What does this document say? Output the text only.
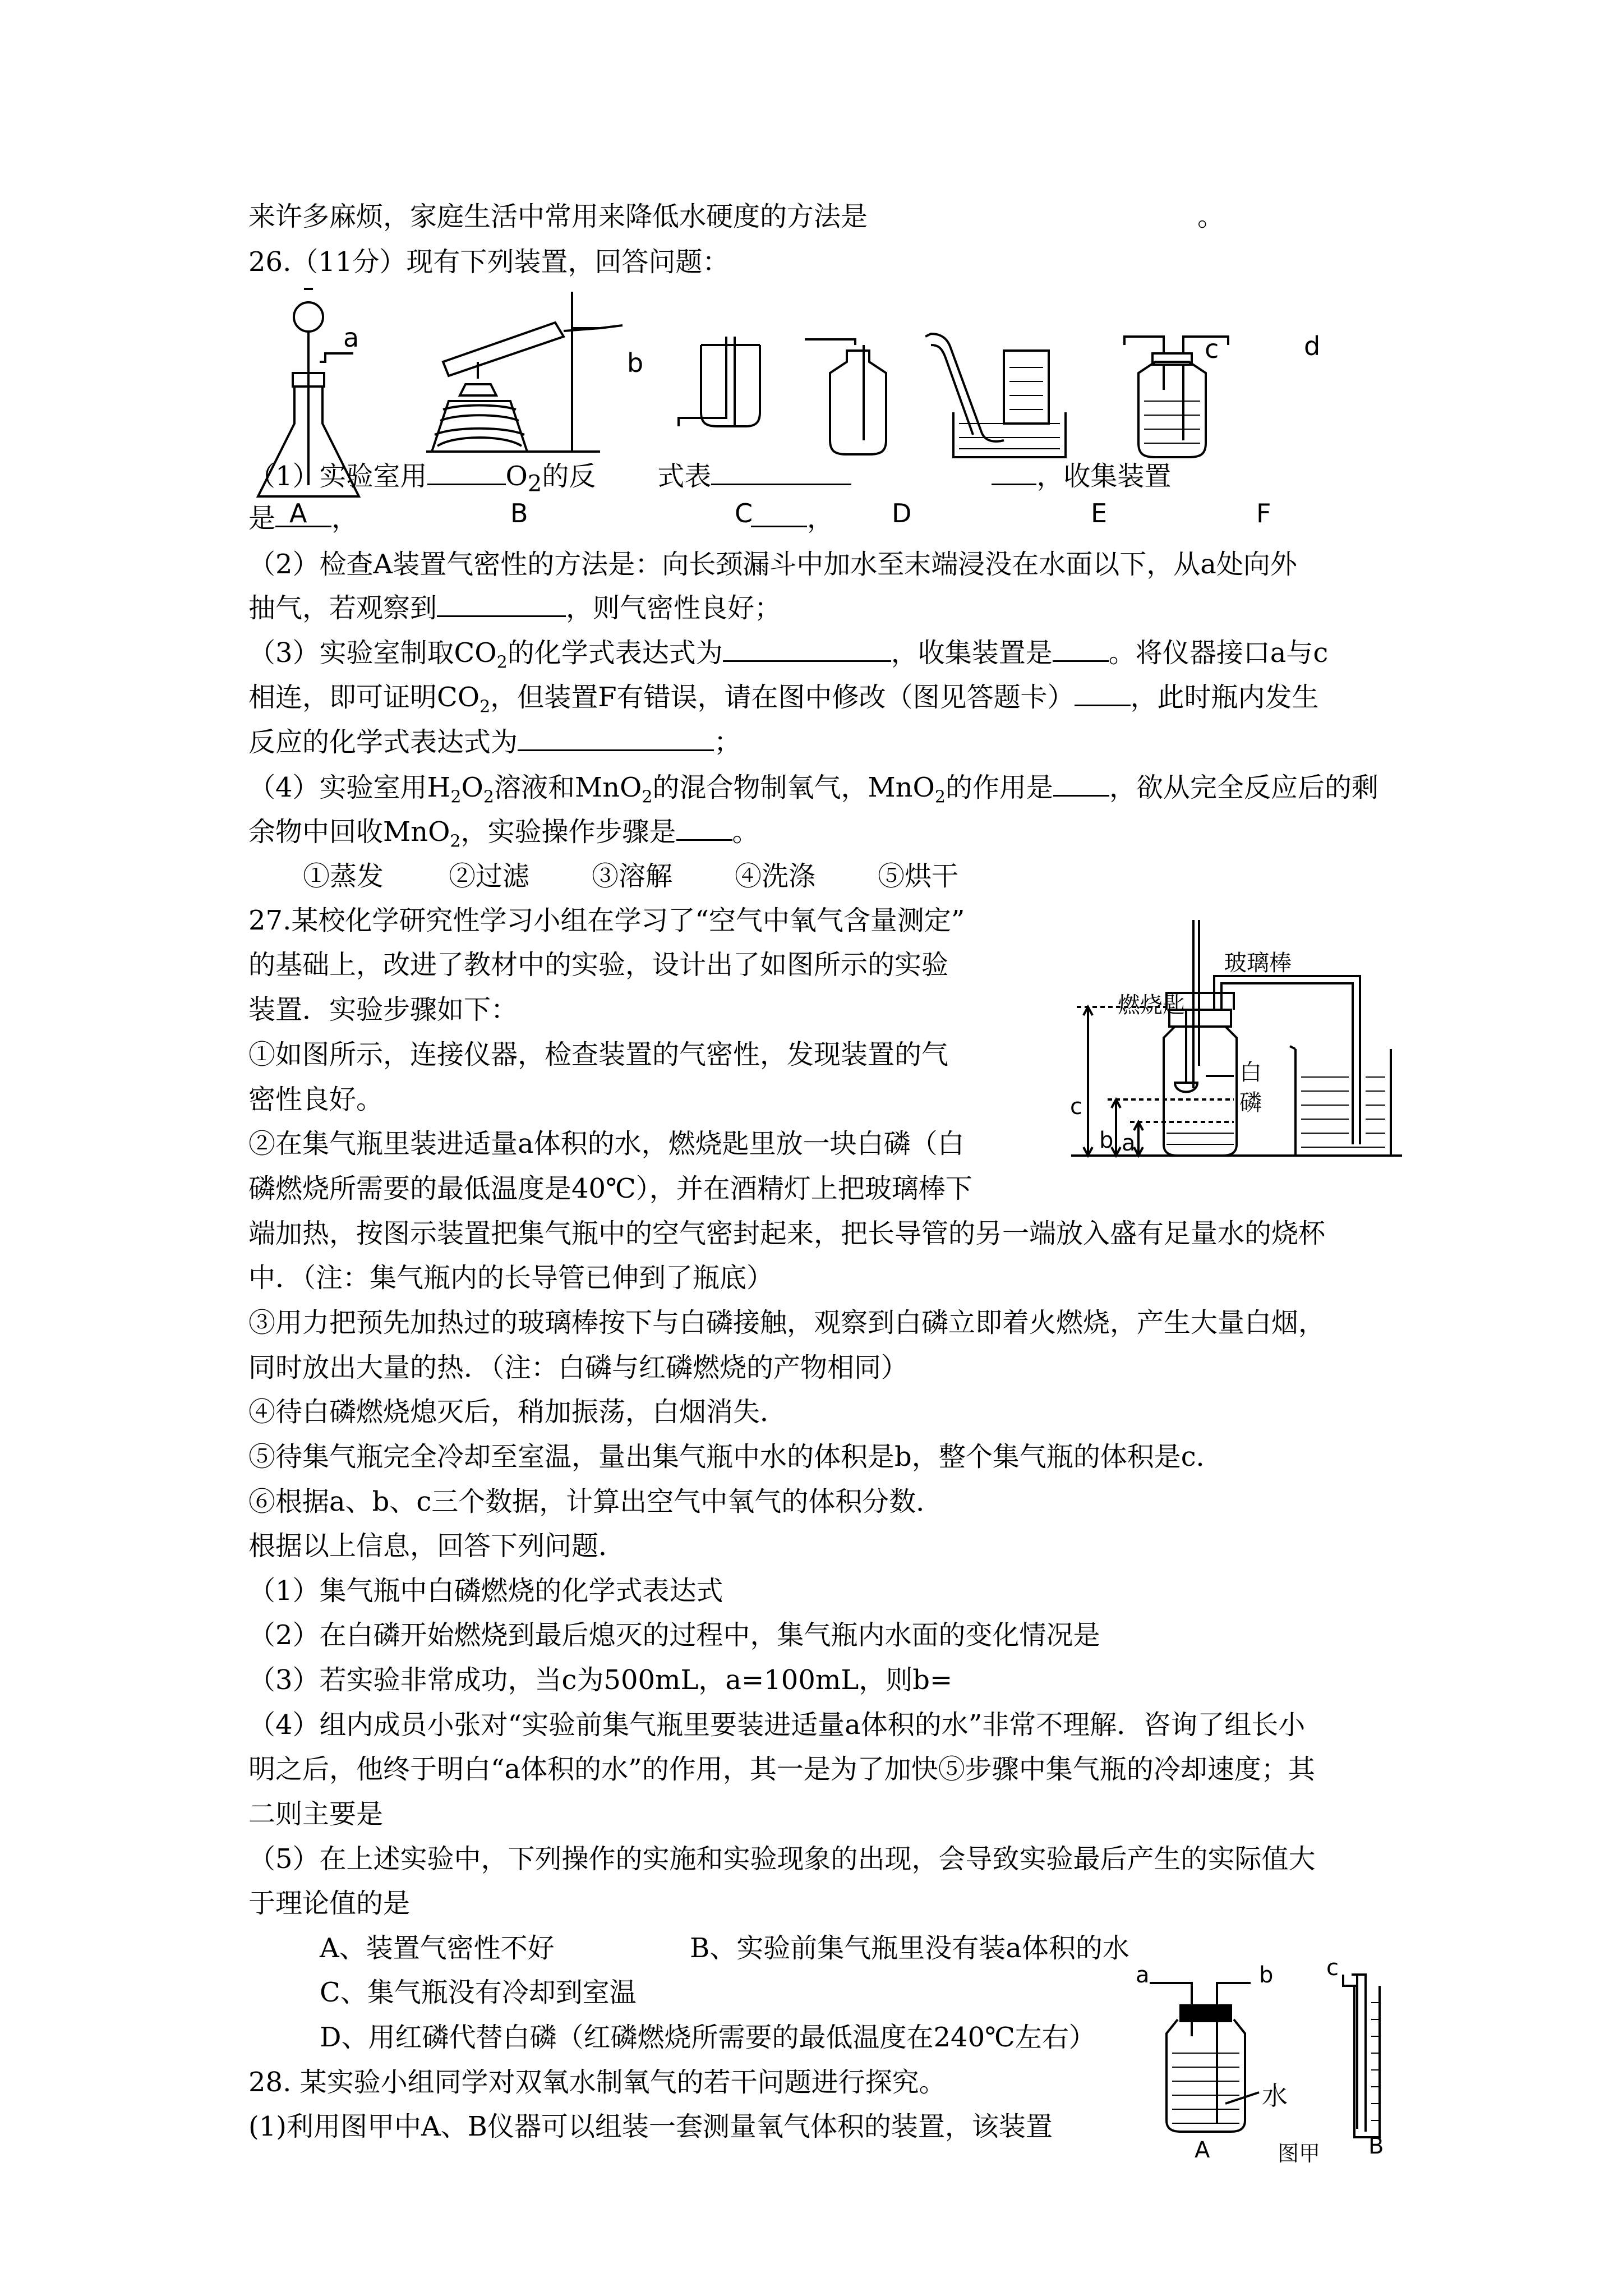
来许多麻烦，家庭生活中常用来降低水硬度的方法是	。
26.（11分）现有下列装置，回答问题：
a
b	c	d
（1）实验室用	$O_2$的反 式表	，收集装置
是 ，	，
A	B	C	D	E	F
（2）检查A装置气密性的方法是：向长颈漏斗中加水至末端浸没在水面以下，从a处向外
抽气，若观察到	，则气密性良好；
（3）实验室制取$CO_2$的化学式表达式为	，收集装置是 。将仪器接口a与c
相连，即可证明$CO_2$，但装置F有错误，请在图中修改（图见答题卡） ，此时瓶内发生
反应的化学式表达式为	；
（4）实验室用$H_2O_2$溶液和MnO$_2$的混合物制氧气，MnO$_2$的作用是 ，欲从完全反应后的剩
余物中回收MnO$_2$，实验操作步骤是 。
①蒸发 ②过滤 ③溶解 ④洗涤 ⑤烘干
27.某校化学研究性学习小组在学习了“空气中氧气含量测定”
的基础上，改进了教材中的实验，设计出了如图所示的实验
装置．实验步骤如下：
①如图所示，连接仪器，检查装置的气密性，发现装置的气
密性良好。
②在集气瓶里装进适量a体积的水，燃烧匙里放一块白磷（白
磷燃烧所需要的最低温度是40℃），并在酒精灯上把玻璃棒下
端加热，按图示装置把集气瓶中的空气密封起来，把长导管的另一端放入盛有足量水的烧杯
中．（注：集气瓶内的长导管已伸到了瓶底）
③用力把预先加热过的玻璃棒按下与白磷接触，观察到白磷立即着火燃烧，产生大量白烟，
同时放出大量的热．（注：白磷与红磷燃烧的产物相同）
④待白磷燃烧熄灭后，稍加振荡，白烟消失．
⑤待集气瓶完全冷却至室温，量出集气瓶中水的体积是b，整个集气瓶的体积是c．
⑥根据a、b、c三个数据，计算出空气中氧气的体积分数．
根据以上信息，回答下列问题．
（1）集气瓶中白磷燃烧的化学式表达式
（2）在白磷开始燃烧到最后熄灭的过程中，集气瓶内水面的变化情况是
（3）若实验非常成功，当c为500mL，a=100mL，则b=
（4）组内成员小张对“实验前集气瓶里要装进适量a体积的水”非常不理解．咨询了组长小
明之后，他终于明白“a体积的水”的作用，其一是为了加快⑤步骤中集气瓶的冷却速度；其
二则主要是
（5）在上述实验中，下列操作的实施和实验现象的出现，会导致实验最后产生的实际值大
于理论值的是
A、装置气密性不好	B、实验前集气瓶里没有装a体积的水
C、集气瓶没有冷却到室温
D、用红磷代替白磷（红磷燃烧所需要的最低温度在240℃左右）
玻璃棒
燃烧匙
白磷
c
b a
28. 某实验小组同学对双氧水制氧气的若干问题进行探究。
(1)利用图甲中A、B仪器可以组装一套测量氧气体积的装置，该装置
a	b c
水
A	图甲 B
